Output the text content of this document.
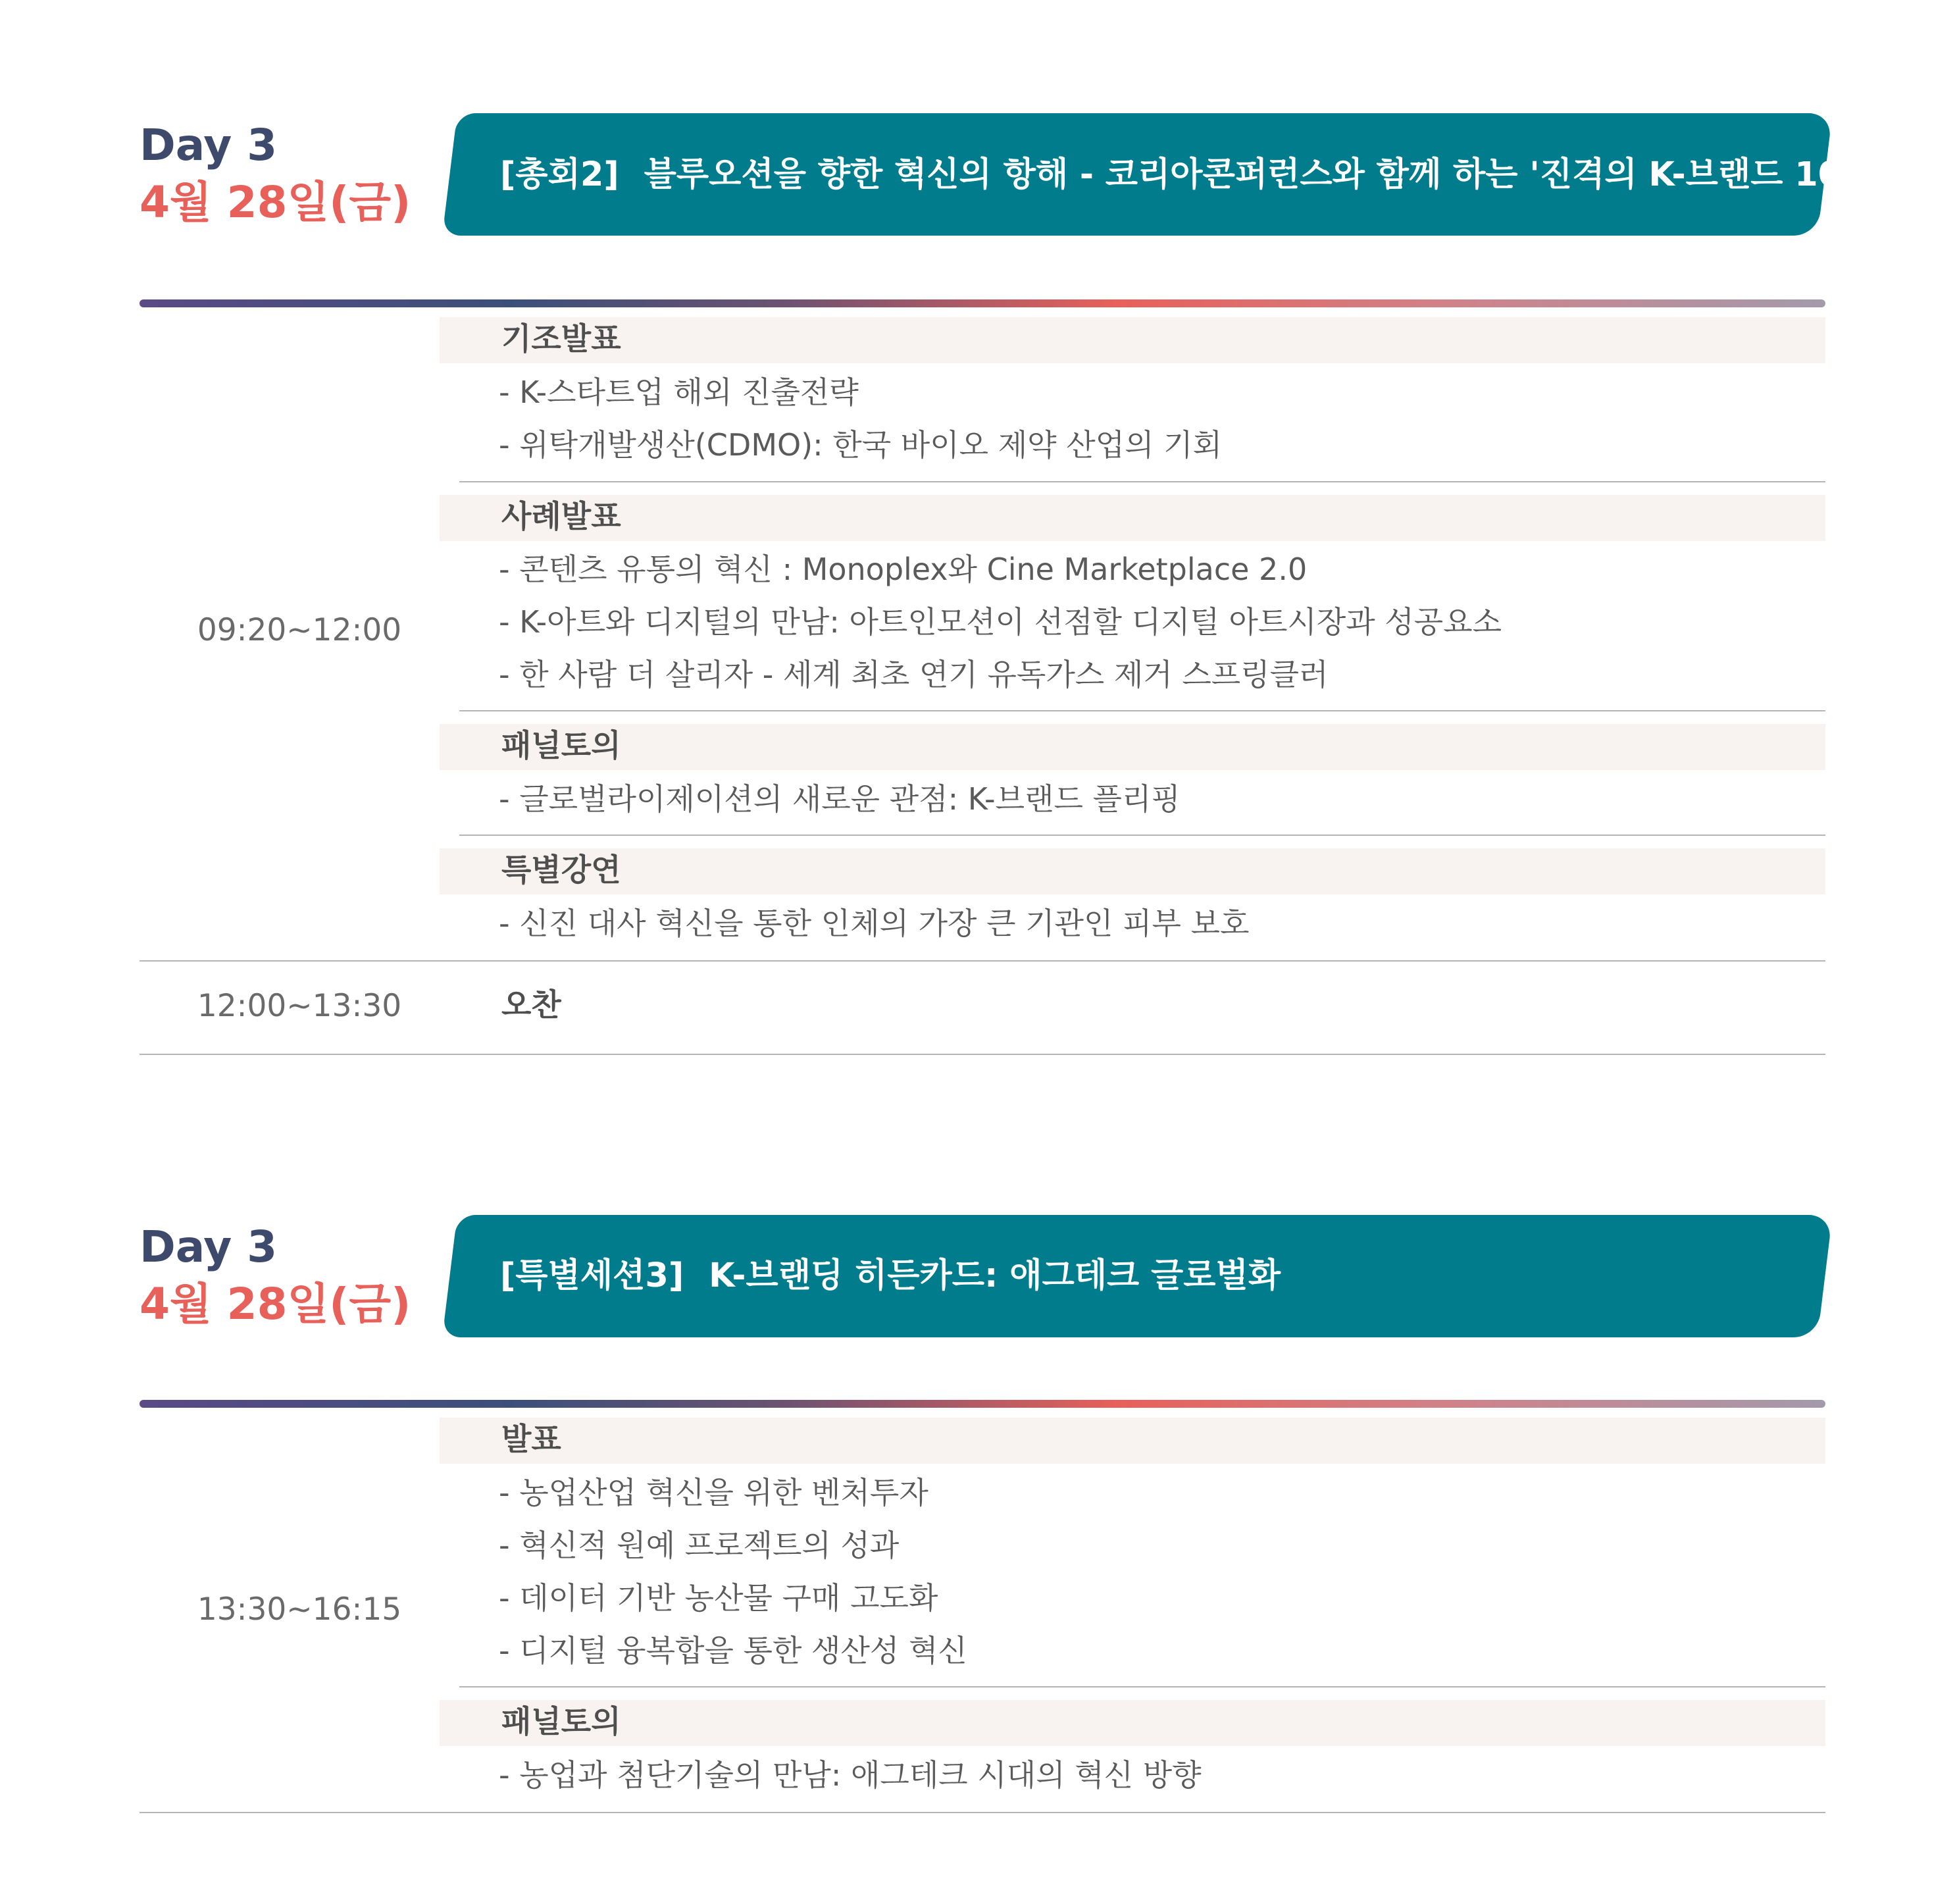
Day 3
4월 28일(금)
[총회2] 블루오션을 향한 혁신의 항해 - 코리아콘퍼런스와 함께 하는 '진격의 K-브랜드 100'
09:20~12:00
기조발표
- K-스타트업 해외 진출전략
- 위탁개발생산(CDMO): 한국 바이오 제약 산업의 기회
사례발표
- 콘텐츠 유통의 혁신 : Monoplex와 Cine Marketplace 2.0
- K-아트와 디지털의 만남: 아트인모션이 선점할 디지털 아트시장과 성공요소
- 한 사람 더 살리자 - 세계 최초 연기 유독가스 제거 스프링클러
패널토의
- 글로벌라이제이션의 새로운 관점: K-브랜드 플리핑
특별강연
- 신진 대사 혁신을 통한 인체의 가장 큰 기관인 피부 보호
12:00~13:30	오찬
Day 3
4월 28일(금)
[특별세션3] K-브랜딩 히든카드: 애그테크 글로벌화
13:30~16:15
발표
- 농업산업 혁신을 위한 벤처투자
- 혁신적 원예 프로젝트의 성과
- 데이터 기반 농산물 구매 고도화
- 디지털 융복합을 통한 생산성 혁신
패널토의
- 농업과 첨단기술의 만남: 애그테크 시대의 혁신 방향
